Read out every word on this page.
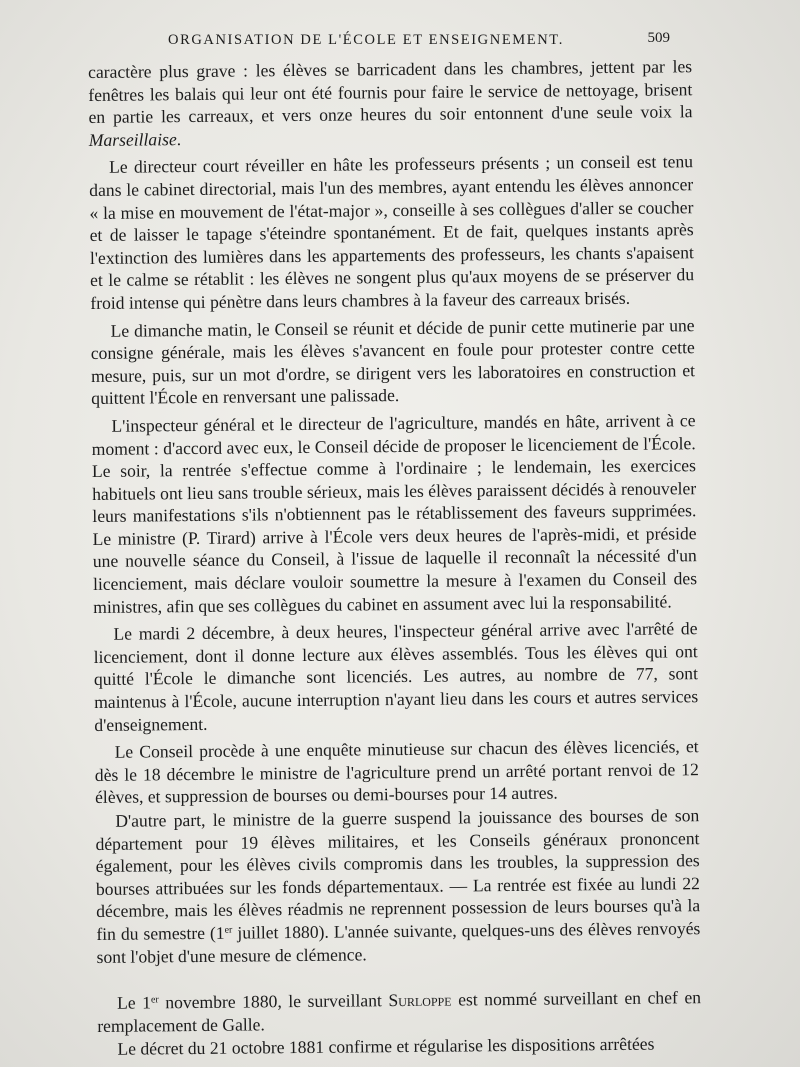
ORGANISATION DE L'ÉCOLE ET ENSEIGNEMENT.	509

caractère plus grave : les élèves se barricadent dans les chambres, jettent par les fenêtres les balais qui leur ont été fournis pour faire le service de nettoyage, brisent en partie les carreaux, et vers onze heures du soir entonnent d'une seule voix la Marseillaise.

Le directeur court réveiller en hâte les professeurs présents ; un conseil est tenu dans le cabinet directorial, mais l'un des membres, ayant entendu les élèves annoncer « la mise en mouvement de l'état-major », conseille à ses collègues d'aller se coucher et de laisser le tapage s'éteindre spontanément. Et de fait, quelques instants après l'extinction des lumières dans les appartements des professeurs, les chants s'apaisent et le calme se rétablit : les élèves ne songent plus qu'aux moyens de se préserver du froid intense qui pénètre dans leurs chambres à la faveur des carreaux brisés.

Le dimanche matin, le Conseil se réunit et décide de punir cette mutinerie par une consigne générale, mais les élèves s'avancent en foule pour protester contre cette mesure, puis, sur un mot d'ordre, se dirigent vers les laboratoires en construction et quittent l'École en renversant une palissade.

L'inspecteur général et le directeur de l'agriculture, mandés en hâte, arrivent à ce moment : d'accord avec eux, le Conseil décide de proposer le licenciement de l'École. Le soir, la rentrée s'effectue comme à l'ordinaire ; le lendemain, les exercices habituels ont lieu sans trouble sérieux, mais les élèves paraissent décidés à renouveler leurs manifestations s'ils n'obtiennent pas le rétablissement des faveurs supprimées. Le ministre (P. Tirard) arrive à l'École vers deux heures de l'après-midi, et préside une nouvelle séance du Conseil, à l'issue de laquelle il reconnaît la nécessité d'un licenciement, mais déclare vouloir soumettre la mesure à l'examen du Conseil des ministres, afin que ses collègues du cabinet en assument avec lui la responsabilité.

Le mardi 2 décembre, à deux heures, l'inspecteur général arrive avec l'arrêté de licenciement, dont il donne lecture aux élèves assemblés. Tous les élèves qui ont quitté l'École le dimanche sont licenciés. Les autres, au nombre de 77, sont maintenus à l'École, aucune interruption n'ayant lieu dans les cours et autres services d'enseignement.

Le Conseil procède à une enquête minutieuse sur chacun des élèves licenciés, et dès le 18 décembre le ministre de l'agriculture prend un arrêté portant renvoi de 12 élèves, et suppression de bourses ou demi-bourses pour 14 autres.

D'autre part, le ministre de la guerre suspend la jouissance des bourses de son département pour 19 élèves militaires, et les Conseils généraux prononcent également, pour les élèves civils compromis dans les troubles, la suppression des bourses attribuées sur les fonds départementaux. — La rentrée est fixée au lundi 22 décembre, mais les élèves réadmis ne reprennent possession de leurs bourses qu'à la fin du semestre (1er juillet 1880). L'année suivante, quelques-uns des élèves renvoyés sont l'objet d'une mesure de clémence.

Le 1er novembre 1880, le surveillant Surloppe est nommé surveillant en chef en remplacement de Galle.

Le décret du 21 octobre 1881 confirme et régularise les dispositions arrêtées
